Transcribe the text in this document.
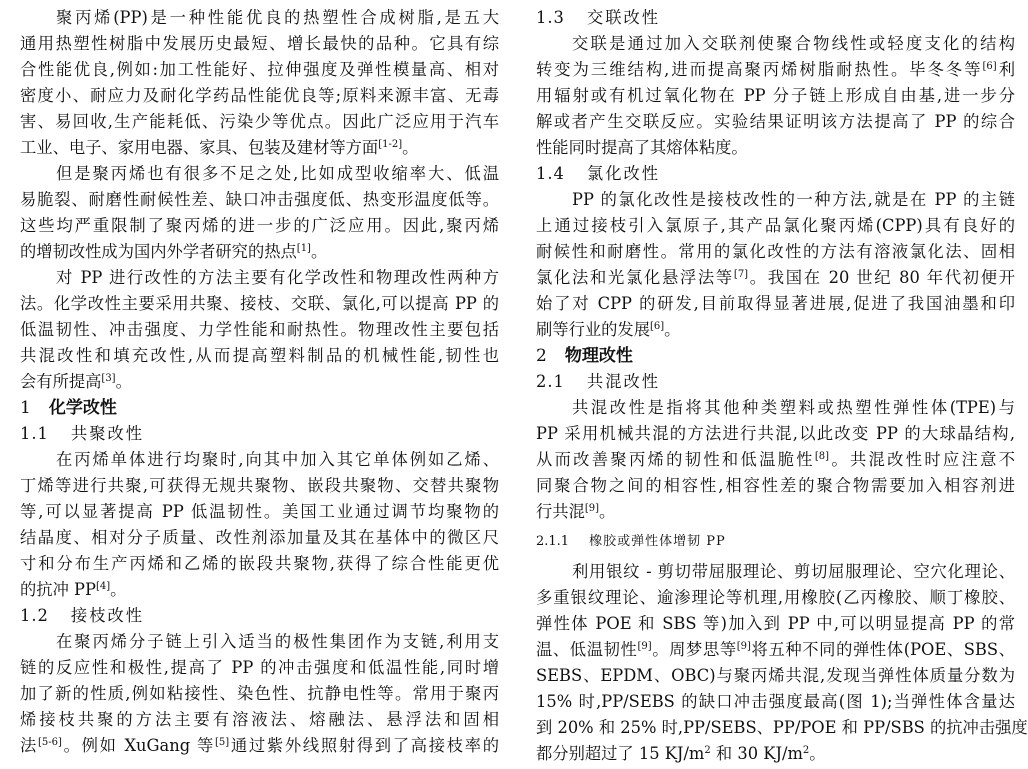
聚丙烯(PP)是一种性能优良的热塑性合成树脂,是五大
通用热塑性树脂中发展历史最短、增长最快的品种。它具有综
合性能优良,例如:加工性能好、拉伸强度及弹性模量高、相对
密度小、耐应力及耐化学药品性能优良等;原料来源丰富、无毒
害、易回收,生产能耗低、污染少等优点。因此广泛应用于汽车
工业、电子、家用电器、家具、包装及建材等方面[1-2]。
但是聚丙烯也有很多不足之处,比如成型收缩率大、低温
易脆裂、耐磨性耐候性差、缺口冲击强度低、热变形温度低等。
这些均严重限制了聚丙烯的进一步的广泛应用。因此,聚丙烯
的增韧改性成为国内外学者研究的热点[1]。
对 PP 进行改性的方法主要有化学改性和物理改性两种方
法。化学改性主要采用共聚、接枝、交联、氯化,可以提高 PP 的
低温韧性、冲击强度、力学性能和耐热性。物理改性主要包括
共混改性和填充改性,从而提高塑料制品的机械性能,韧性也
会有所提高[3]。
1 化学改性
1.1 共聚改性
在丙烯单体进行均聚时,向其中加入其它单体例如乙烯、
丁烯等进行共聚,可获得无规共聚物、嵌段共聚物、交替共聚物
等,可以显著提高 PP 低温韧性。美国工业通过调节均聚物的
结晶度、相对分子质量、改性剂添加量及其在基体中的微区尺
寸和分布生产丙烯和乙烯的嵌段共聚物,获得了综合性能更优
的抗冲 PP[4]。
1.2 接枝改性
在聚丙烯分子链上引入适当的极性集团作为支链,利用支
链的反应性和极性,提高了 PP 的冲击强度和低温性能,同时增
加了新的性质,例如粘接性、染色性、抗静电性等。常用于聚丙
烯接枝共聚的方法主要有溶液法、熔融法、悬浮法和固相
法[5-6]。例如 XuGang 等[5]通过紫外线照射得到了高接枝率的
1.3 交联改性
交联是通过加入交联剂使聚合物线性或轻度支化的结构
转变为三维结构,进而提高聚丙烯树脂耐热性。毕冬冬等[6]利
用辐射或有机过氧化物在 PP 分子链上形成自由基,进一步分
解或者产生交联反应。实验结果证明该方法提高了 PP 的综合
性能同时提高了其熔体粘度。
1.4 氯化改性
PP 的氯化改性是接枝改性的一种方法,就是在 PP 的主链
上通过接枝引入氯原子,其产品氯化聚丙烯(CPP)具有良好的
耐候性和耐磨性。常用的氯化改性的方法有溶液氯化法、固相
氯化法和光氯化悬浮法等[7]。我国在 20 世纪 80 年代初便开
始了对 CPP 的研发,目前取得显著进展,促进了我国油墨和印
刷等行业的发展[6]。
2 物理改性
2.1 共混改性
共混改性是指将其他种类塑料或热塑性弹性体(TPE)与
PP 采用机械共混的方法进行共混,以此改变 PP 的大球晶结构,
从而改善聚丙烯的韧性和低温脆性[8]。共混改性时应注意不
同聚合物之间的相容性,相容性差的聚合物需要加入相容剂进
行共混[9]。
2.1.1 橡胶或弹性体增韧 PP
利用银纹 - 剪切带屈服理论、剪切屈服理论、空穴化理论、
多重银纹理论、逾渗理论等机理,用橡胶(乙丙橡胶、顺丁橡胶、
弹性体 POE 和 SBS 等)加入到 PP 中,可以明显提高 PP 的常
温、低温韧性[9]。周梦思等[9]将五种不同的弹性体(POE、SBS、
SEBS、EPDM、OBC)与聚丙烯共混,发现当弹性体质量分数为
15% 时,PP/SEBS 的缺口冲击强度最高(图 1);当弹性体含量达
到 20% 和 25% 时,PP/SEBS、PP/POE 和 PP/SBS 的抗冲击强度
都分别超过了 15 $KJ/m^2$ 和 30 $KJ/m^2$。
